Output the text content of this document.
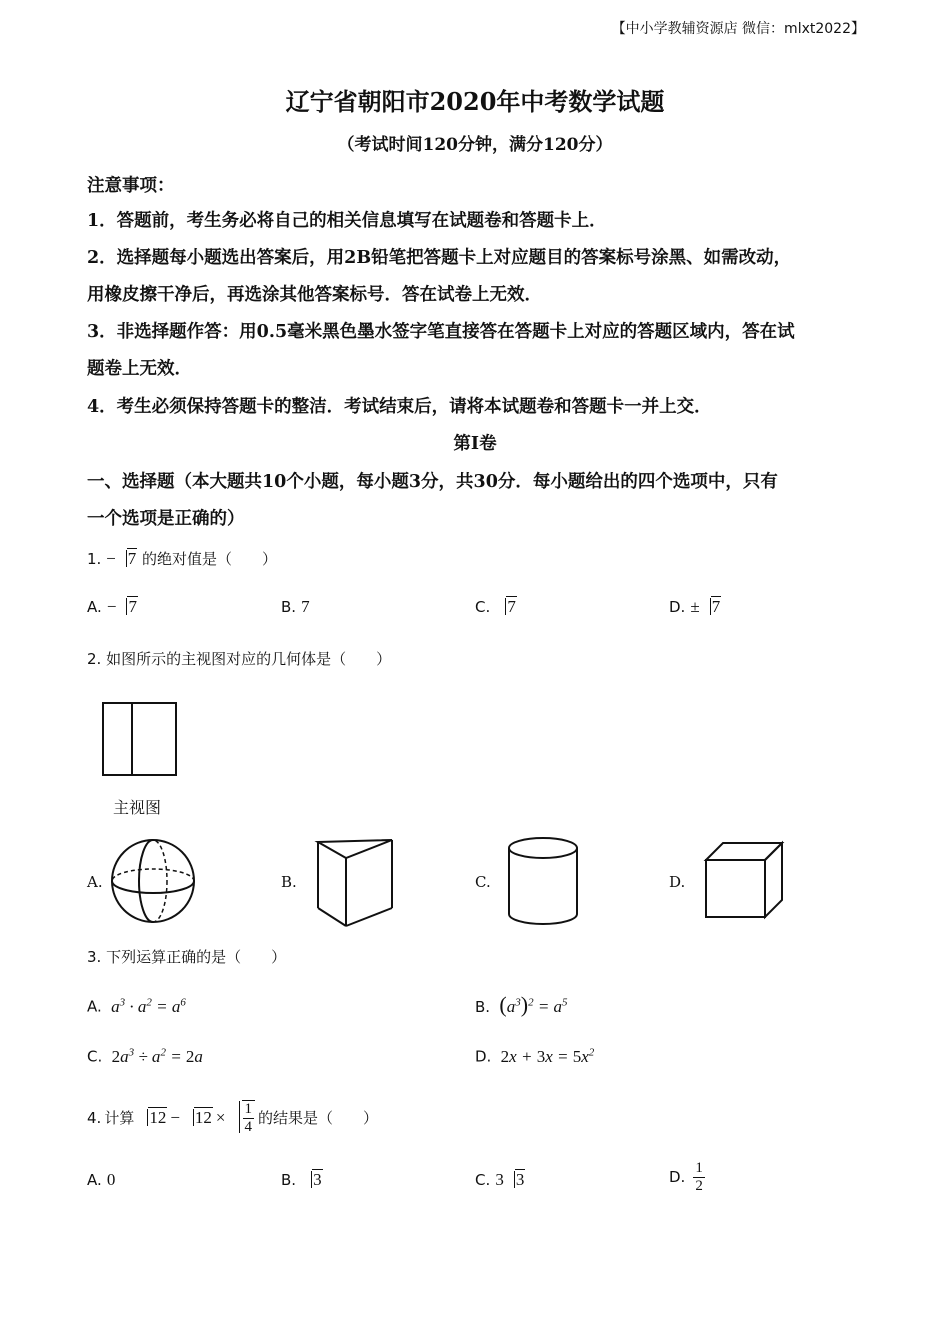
【中小学教辅资源店 微信：mlxt2022】
辽宁省朝阳市2020年中考数学试题
（考试时间120分钟，满分120分）
注意事项：
1．答题前，考生务必将自己的相关信息填写在试题卷和答题卡上．
2．选择题每小题选出答案后，用2B铅笔把答题卡上对应题目的答案标号涂黑、如需改动，
用橡皮擦干净后，再选涂其他答案标号．答在试卷上无效．
3．非选择题作答：用0.5毫米黑色墨水签字笔直接答在答题卡上对应的答题区域内，答在试
题卷上无效．
4．考生必须保持答题卡的整洁．考试结束后，请将本试题卷和答题卡一并上交．
第I卷
一、选择题（本大题共10个小题，每小题3分，共30分．每小题给出的四个选项中，只有
一个选项是正确的）
1. − 7 的绝对值是（　　）
A. − 7	B. 7	C. 7	D. ± 7
2. 如图所示的主视图对应的几何体是（　　）
主视图
A.	B.	C.	D.
3. 下列运算正确的是（　　）
A.  $a^3 \cdot a^2 = a^6$	B. $(a^3)^2 = a^5$
C. $2a^3 \div a^2 = 2a$	D. $2x + 3x = 5x^2$
4. 计算 $12 - 12 \times \frac{1}{4}$ 的结果是（　　）
A. 0	B. 3	C. 3 3	D. $\frac{1}{2}$
